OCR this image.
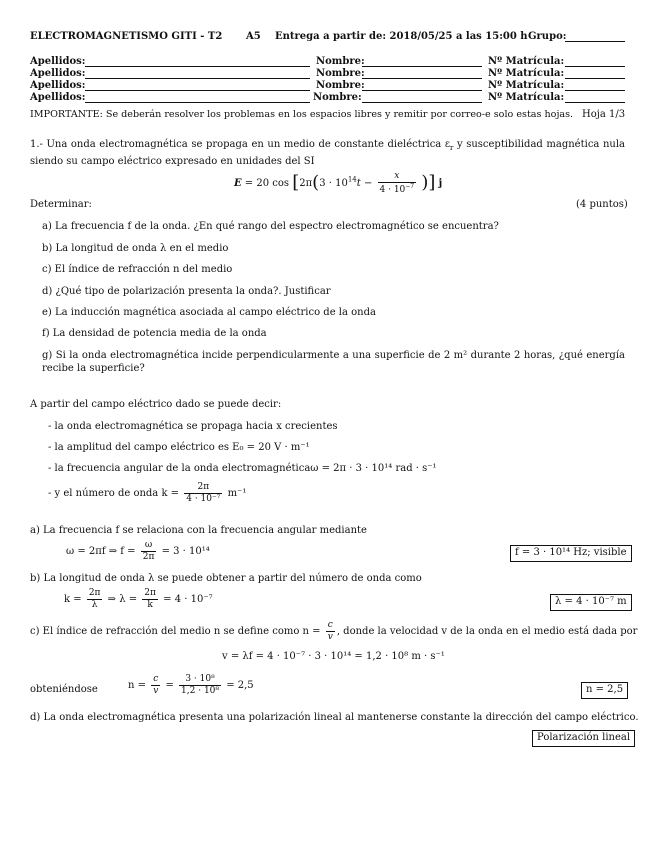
ELECTROMAGNETISMO GITI - T2 A5 Entrega a partir de: 2018/05/25 a las 15:00 h Grupo:
Apellidos:	Nombre:	Nº Matrícula:
Apellidos:	Nombre:	Nº Matrícula:
Apellidos:	Nombre:	Nº Matrícula:
Apellidos:	Nombre:	Nº Matrícula:
IMPORTANTE: Se deberán resolver los problemas en los espacios libres y remitir por correo-e solo estas hojas. Hoja 1/3
1.- Una onda electromagnética se propaga en un medio de constante dieléctrica $\varepsilon_r$ y susceptibilidad magnética nula siendo su campo eléctrico expresado en unidades del SI
E = 20 $\cos [2\pi(3 \cdot 10^{14}t - \frac{x}{4 \cdot 10^{-7}}$ )] j
Determinar:	(4 puntos)
a) La frecuencia f de la onda. ¿En qué rango del espectro electromagnético se encuentra?
b) La longitud de onda λ en el medio
c) El índice de refracción n del medio
d) ¿Qué tipo de polarización presenta la onda?. Justificar
e) La inducción magnética asociada al campo eléctrico de la onda
f) La densidad de potencia media de la onda
g) Si la onda electromagnética incide perpendicularmente a una superficie de 2 m² durante 2 horas, ¿qué energía recibe la superficie?
A partir del campo eléctrico dado se puede decir:
- la onda electromagnética se propaga hacia x crecientes
- la amplitud del campo eléctrico es E₀ = 20 V · m⁻¹
- la frecuencia angular de la onda electromagnéticaω = 2π · 3 · 10¹⁴ rad · s⁻¹
- y el número de onda $k = \frac{2\pi}{\text{4 · 10⁻⁷}} m^{-1}$
a) La frecuencia f se relaciona con la frecuencia angular mediante
ω = 2πf ⇒ $f = \frac{\omega}{2\pi} = 3 \cdot 10^{14}$	f = 3 · 10¹⁴ Hz; visible
b) La longitud de onda λ se puede obtener a partir del número de onda como
$k = \frac{2\pi}{\lambda}$ ⇒ $\lambda = \frac{2\pi}{k} = 4 \cdot 10^{-7}$	λ = 4 · 10⁻⁷ m
c) El índice de refracción del medio n se define como $n = \frac{c}{v}$ , donde la velocidad v de la onda en el medio está dada por
v = λf = 4 · 10⁻⁷ · 3 · 10¹⁴ = 1,2 · 10⁸ m · s⁻¹
obteniéndose	$n = \frac{c}{v} = \frac{\text{3 · 10⁸}}{\text{1,2 · 10⁸}} = 2,5$	n = 2,5
d) La onda electromagnética presenta una polarización lineal al mantenerse constante la dirección del campo eléctrico.
Polarización lineal
